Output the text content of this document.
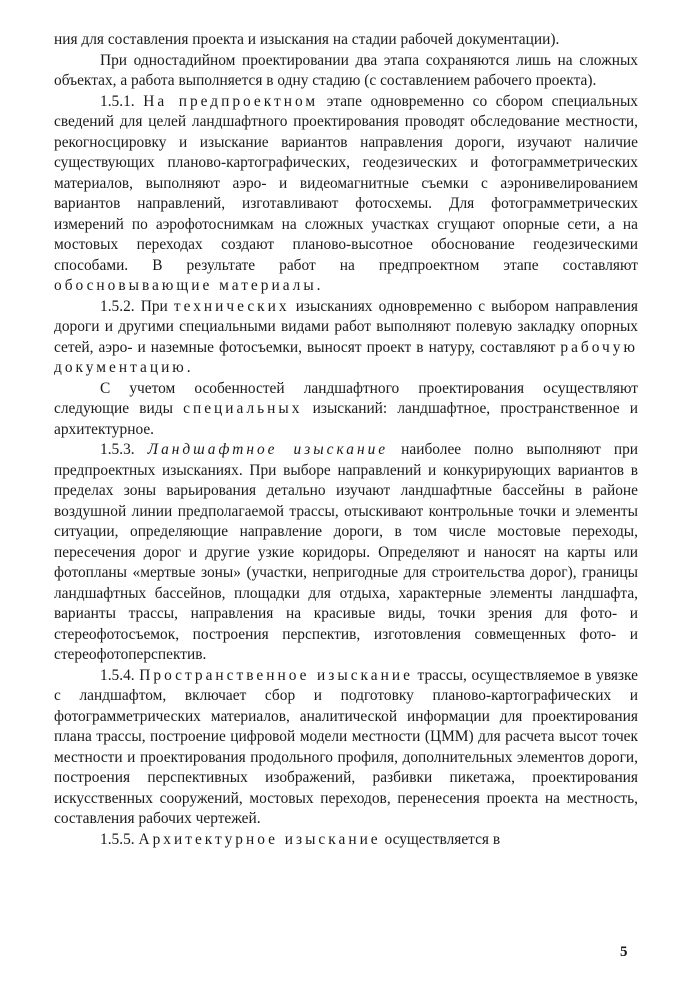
ния для составления проекта и изыскания на стадии рабочей документации).

При одностадийном проектировании два этапа сохраняются лишь на сложных объектах, а работа выполняется в одну стадию (с составлением рабочего проекта).

1.5.1. На предпроектном этапе одновременно со сбором специальных сведений для целей ландшафтного проектирования проводят обследование местности, рекогносцировку и изыскание вариантов направления дороги, изучают наличие существующих планово-картографических, геодезических и фотограмметрических материалов, выполняют аэро- и видеомагнитные съемки с аэронивелированием вариантов направлений, изготавливают фотосхемы. Для фотограмметрических измерений по аэрофотоснимкам на сложных участках сгущают опорные сети, а на мостовых переходах создают планово-высотное обоснование геодезическими способами. В результате работ на предпроектном этапе составляют обосновывающие материалы.

1.5.2. При технических изысканиях одновременно с выбором направления дороги и другими специальными видами работ выполняют полевую закладку опорных сетей, аэро- и наземные фотосъемки, выносят проект в натуру, составляют рабочую документацию.

С учетом особенностей ландшафтного проектирования осуществляют следующие виды специальных изысканий: ландшафтное, пространственное и архитектурное.

1.5.3. Ландшафтное изыскание наиболее полно выполняют при предпроектных изысканиях. При выборе направлений и конкурирующих вариантов в пределах зоны варьирования детально изучают ландшафтные бассейны в районе воздушной линии предполагаемой трассы, отыскивают контрольные точки и элементы ситуации, определяющие направление дороги, в том числе мостовые переходы, пересечения дорог и другие узкие коридоры. Определяют и наносят на карты или фотопланы «мертвые зоны» (участки, непригодные для строительства дорог), границы ландшафтных бассейнов, площадки для отдыха, характерные элементы ландшафта, варианты трассы, направления на красивые виды, точки зрения для фото- и стереофотосъемок, построения перспектив, изготовления совмещенных фото- и стереофотоперспектив.

1.5.4. Пространственное изыскание трассы, осуществляемое в увязке с ландшафтом, включает сбор и подготовку планово-картографических и фотограмметрических материалов, аналитической информации для проектирования плана трассы, построение цифровой модели местности (ЦММ) для расчета высот точек местности и проектирования продольного профиля, дополнительных элементов дороги, построения перспективных изображений, разбивки пикетажа, проектирования искусственных сооружений, мостовых переходов, перенесения проекта на местность, составления рабочих чертежей.

1.5.5. Архитектурное изыскание осуществляется в

5
